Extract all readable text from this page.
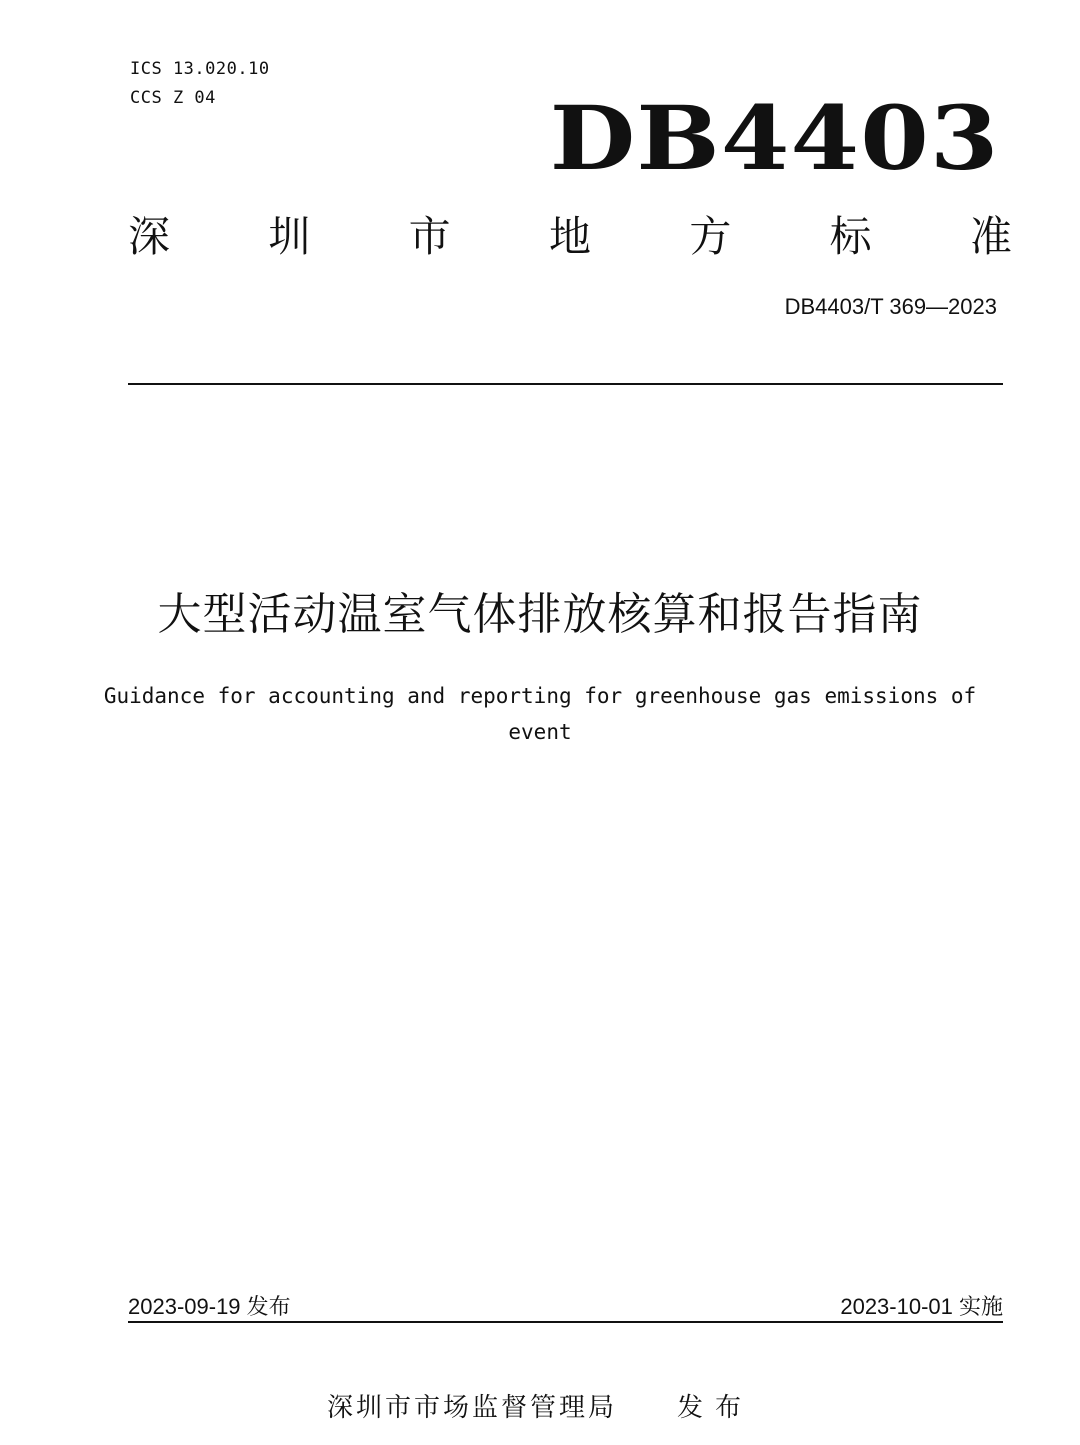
ICS 13.020.10
CCS Z 04	DB4403
深 圳 市 地 方 标 准
DB4403/T 369—2023
大型活动温室气体排放核算和报告指南
Guidance for accounting and reporting for greenhouse gas emissions of event
2023-09-19 发布	2023-10-01 实施
深圳市市场监督管理局 发布
